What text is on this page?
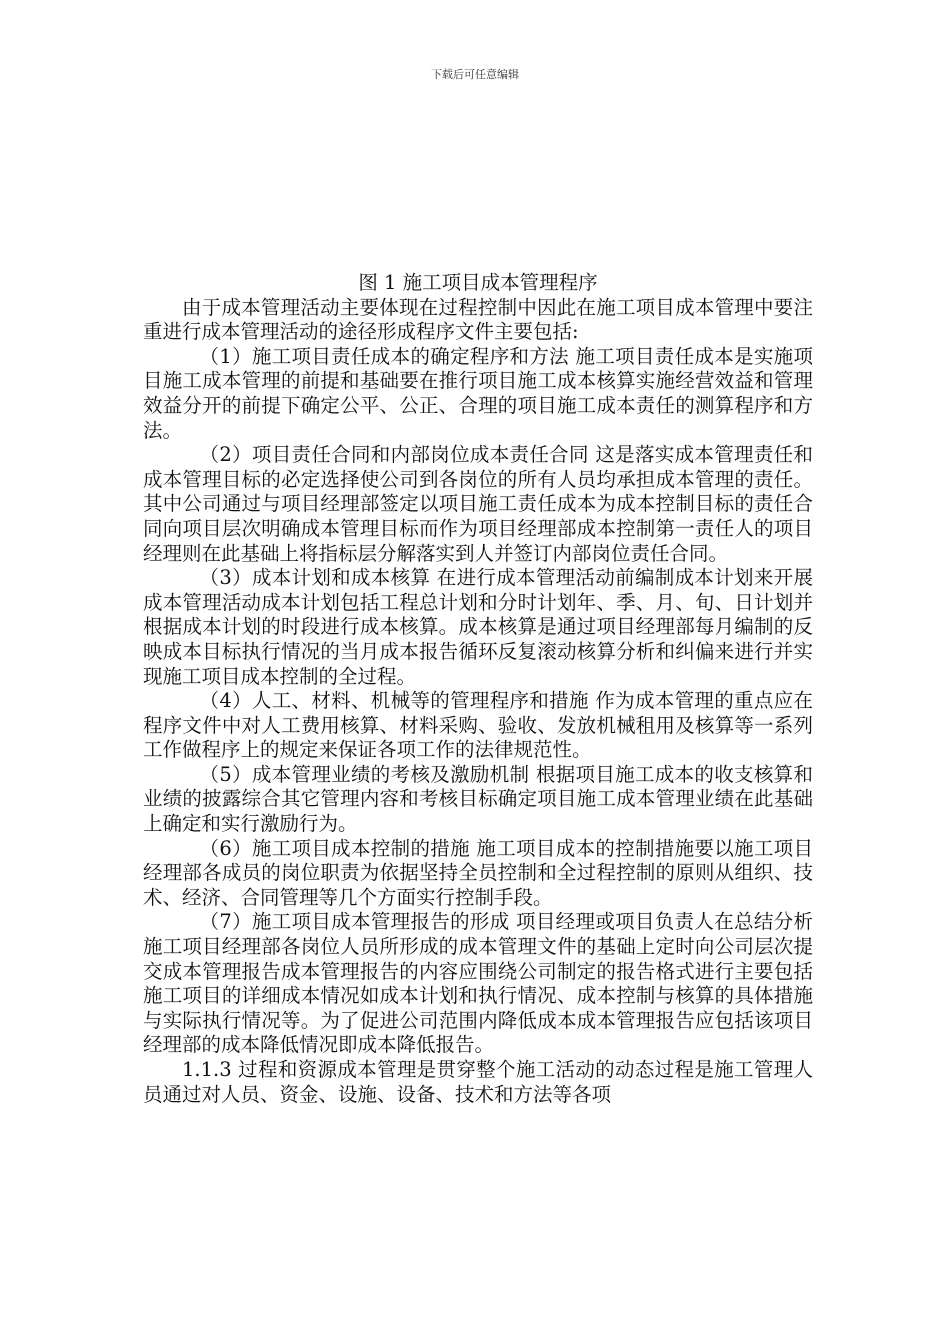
下载后可任意编辑

图 1 施工项目成本管理程序

由于成本管理活动主要体现在过程控制中因此在施工项目成本管理中要注重进行成本管理活动的途径形成程序文件主要包括:

（1）施工项目责任成本的确定程序和方法 施工项目责任成本是实施项目施工成本管理的前提和基础要在推行项目施工成本核算实施经营效益和管理效益分开的前提下确定公平、公正、合理的项目施工成本责任的测算程序和方法。

（2）项目责任合同和内部岗位成本责任合同 这是落实成本管理责任和成本管理目标的必定选择使公司到各岗位的所有人员均承担成本管理的责任。其中公司通过与项目经理部签定以项目施工责任成本为成本控制目标的责任合同向项目层次明确成本管理目标而作为项目经理部成本控制第一责任人的项目经理则在此基础上将指标层分解落实到人并签订内部岗位责任合同。

（3）成本计划和成本核算 在进行成本管理活动前编制成本计划来开展成本管理活动成本计划包括工程总计划和分时计划年、季、月、旬、日计划并根据成本计划的时段进行成本核算。成本核算是通过项目经理部每月编制的反映成本目标执行情况的当月成本报告循环反复滚动核算分析和纠偏来进行并实现施工项目成本控制的全过程。

（4）人工、材料、机械等的管理程序和措施 作为成本管理的重点应在程序文件中对人工费用核算、材料采购、验收、发放机械租用及核算等一系列工作做程序上的规定来保证各项工作的法律规范性。

（5）成本管理业绩的考核及激励机制 根据项目施工成本的收支核算和业绩的披露综合其它管理内容和考核目标确定项目施工成本管理业绩在此基础上确定和实行激励行为。

（6）施工项目成本控制的措施 施工项目成本的控制措施要以施工项目经理部各成员的岗位职责为依据坚持全员控制和全过程控制的原则从组织、技术、经济、合同管理等几个方面实行控制手段。

（7）施工项目成本管理报告的形成 项目经理或项目负责人在总结分析施工项目经理部各岗位人员所形成的成本管理文件的基础上定时向公司层次提交成本管理报告成本管理报告的内容应围绕公司制定的报告格式进行主要包括施工项目的详细成本情况如成本计划和执行情况、成本控制与核算的具体措施与实际执行情况等。为了促进公司范围内降低成本成本管理报告应包括该项目经理部的成本降低情况即成本降低报告。

1.1.3 过程和资源成本管理是贯穿整个施工活动的动态过程是施工管理人员通过对人员、资金、设施、设备、技术和方法等各项
